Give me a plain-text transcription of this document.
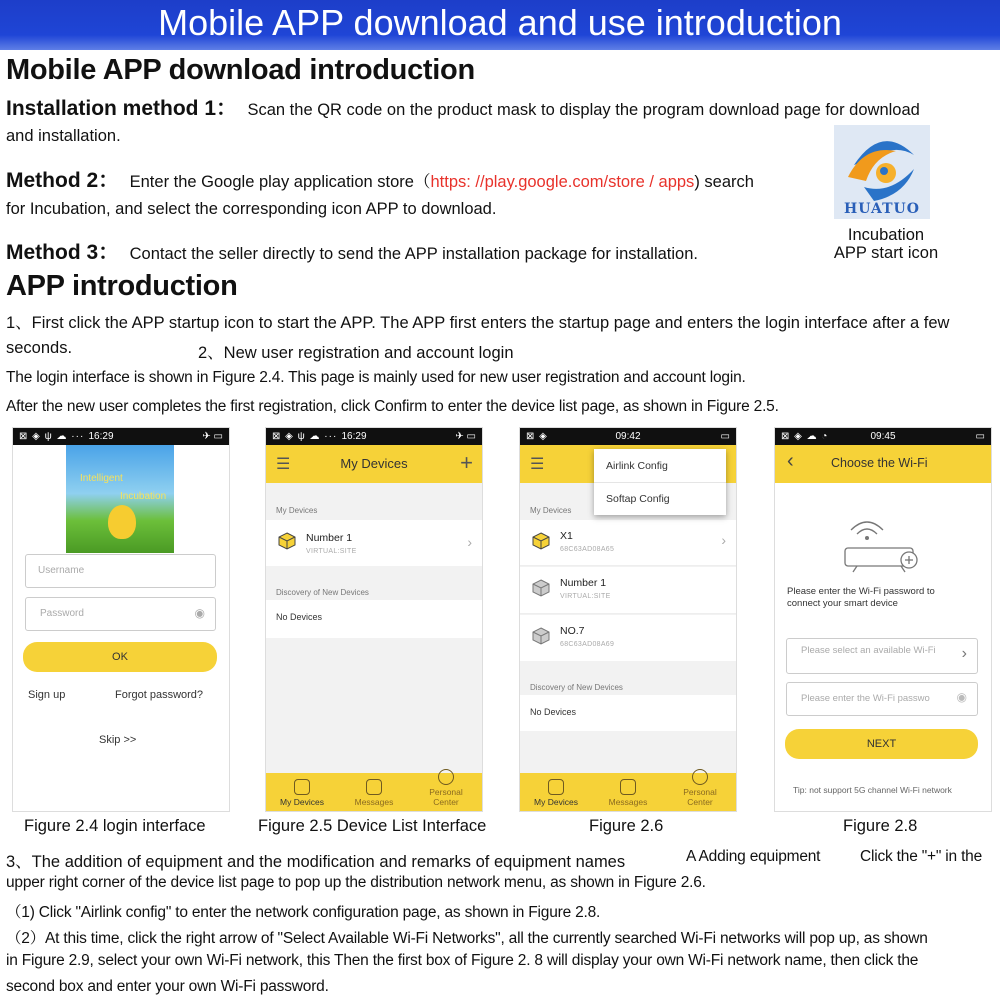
Mobile APP download and use introduction
Mobile APP download introduction
Installation method 1： Scan the QR code on the product mask to display the program download page for download
and installation.
Method 2： Enter the Google play application store（https: //play.google.com/store / apps) search
for Incubation, and select the corresponding icon APP to download.
Method 3： Contact the seller directly to send the APP installation package for installation.
HUATUO
Incubation
APP start icon
APP introduction
1、First click the APP startup icon to start the APP. The APP first enters the startup page and enters the login interface after a few
seconds.	2、New user registration and account login
The login interface is shown in Figure 2.4. This page is mainly used for new user registration and account login.
After the new user completes the first registration, click Confirm to enter the device list page, as shown in Figure 2.5.
⊠ ◈ ψ ☁ ··· 16:29	✈ ▭
Intelligent
Incubation
Username
Password	◉
OK
Sign up	Forgot password?
Skip >>
⊠ ◈ ψ ☁ ··· 16:29	✈ ▭
☰	My Devices	+
My Devices
Number 1
VIRTUAL:SITE
›
Discovery of New Devices
No Devices
My Devices	Messages
Personal Center
⊠ ◈	09:42	▭
☰
My Devices
X1
68C63AD08A65
›
Number 1
VIRTUAL:SITE
NO.7
68C63AD08A69
Discovery of New Devices
No Devices
Airlink Config
Softap Config
My Devices	Messages
Personal Center
⊠ ◈ ☁ ◔	09:45	▭
‹	Choose the Wi-Fi
Please enter the Wi-Fi password to connect your smart device
Please select an available Wi-Fi	›
Please enter the Wi-Fi passwo ◉
NEXT
Tip: not support 5G channel Wi-Fi network
Figure 2.4 login interface	Figure 2.5 Device List Interface	Figure 2.6	Figure 2.8
3、The addition of equipment and the modification and remarks of equipment names	A Adding equipment	Click the "+" in the
upper right corner of the device list page to pop up the distribution network menu, as shown in Figure 2.6.
（1) Click "Airlink config" to enter the network configuration page, as shown in Figure 2.8.
（2）At this time, click the right arrow of "Select Available Wi-Fi Networks", all the currently searched Wi-Fi networks will pop up, as shown
in Figure 2.9, select your own Wi-Fi network, this Then the first box of Figure 2. 8 will display your own Wi-Fi network name, then click the
second box and enter your own Wi-Fi password.
